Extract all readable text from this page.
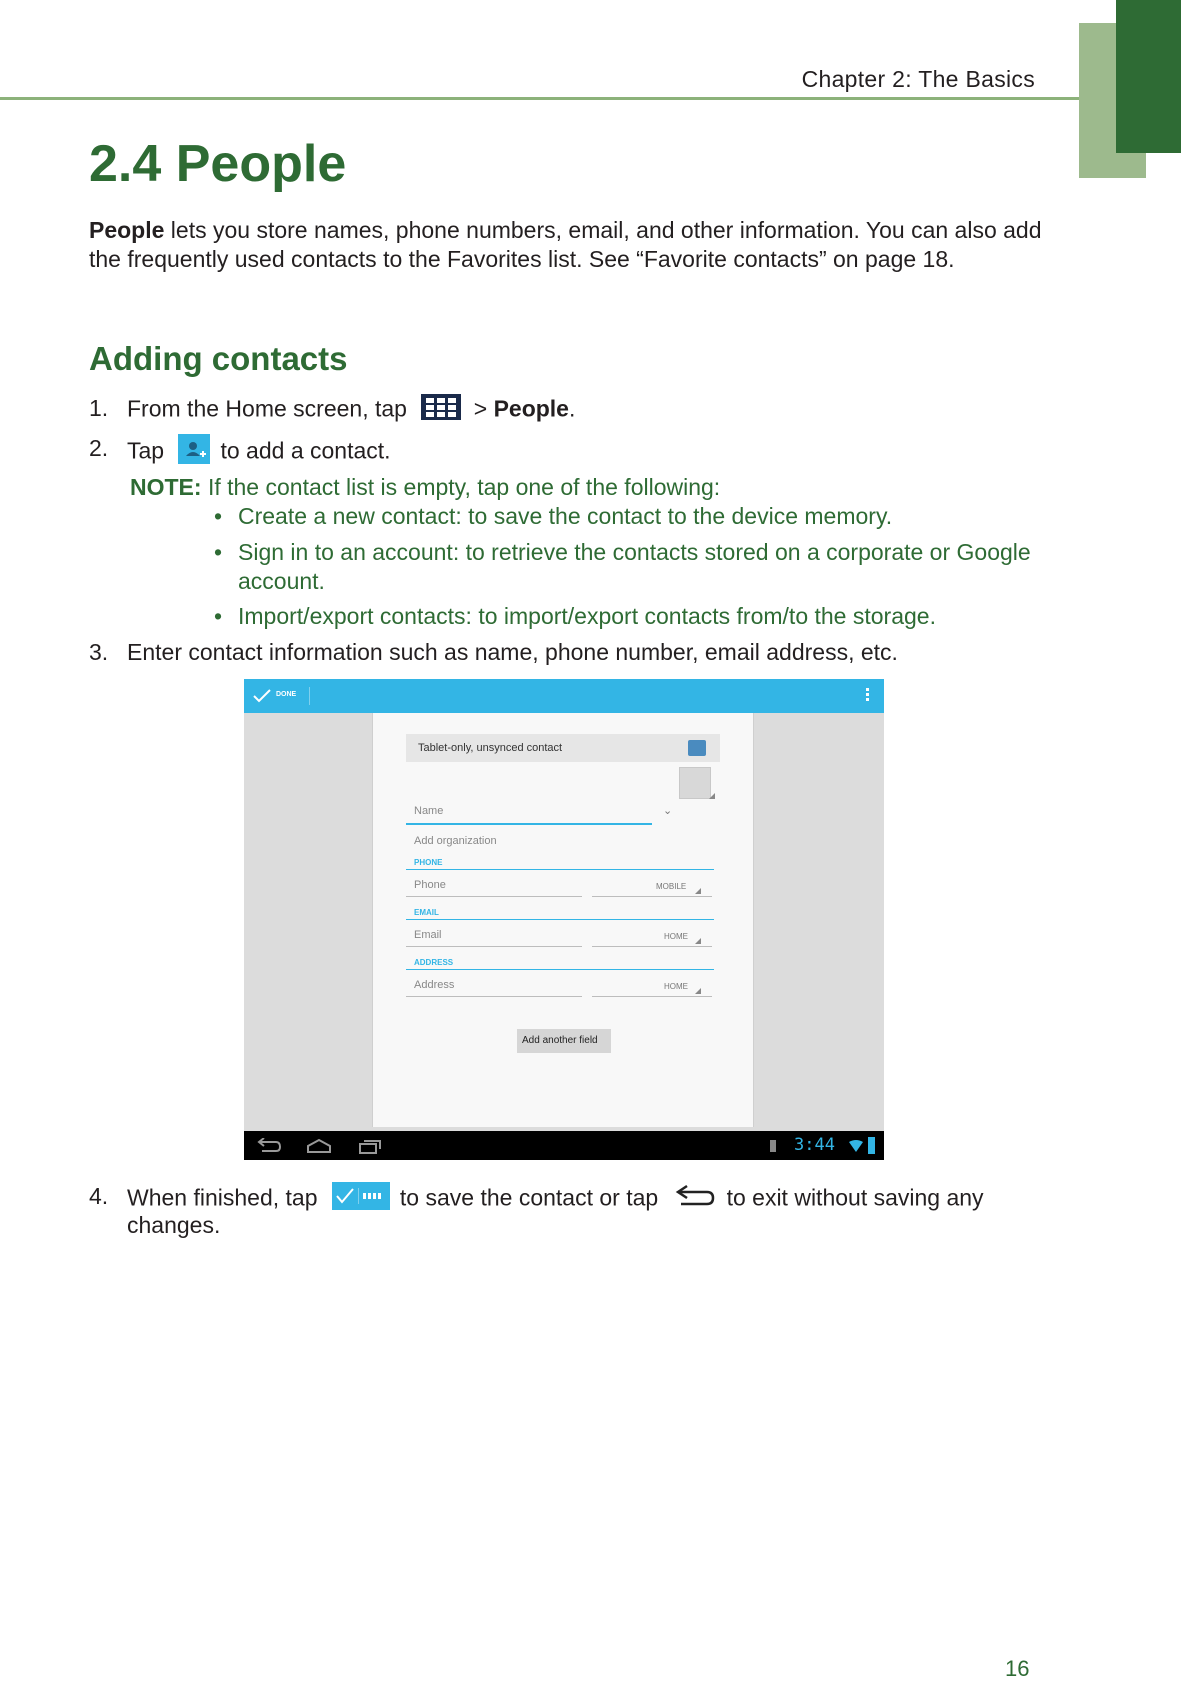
Chapter 2: The Basics
2.4 People

People lets you store names, phone numbers, email, and other information. You can also add the frequently used contacts to the Favorites list. See “Favorite contacts” on page 18.

Adding contacts
1. From the Home screen, tap	> People.
2. Tap to add a contact.
NOTE: If the contact list is empty, tap one of the following:
• Create a new contact: to save the contact to the device memory.
• Sign in to an account: to retrieve the contacts stored on a corporate or Google account.
• Import/export contacts: to import/export contacts from/to the storage.
3. Enter contact information such as name, phone number, email address, etc.
DONE
Tablet-only, unsynced contact
Name	⌄
Add organization
PHONE
Phone	MOBILE
EMAIL
Email	HOME
ADDRESS
Address	HOME
Add another field
3:44
4. When finished, tap	to save the contact or tap	to exit without saving any
changes.
16
